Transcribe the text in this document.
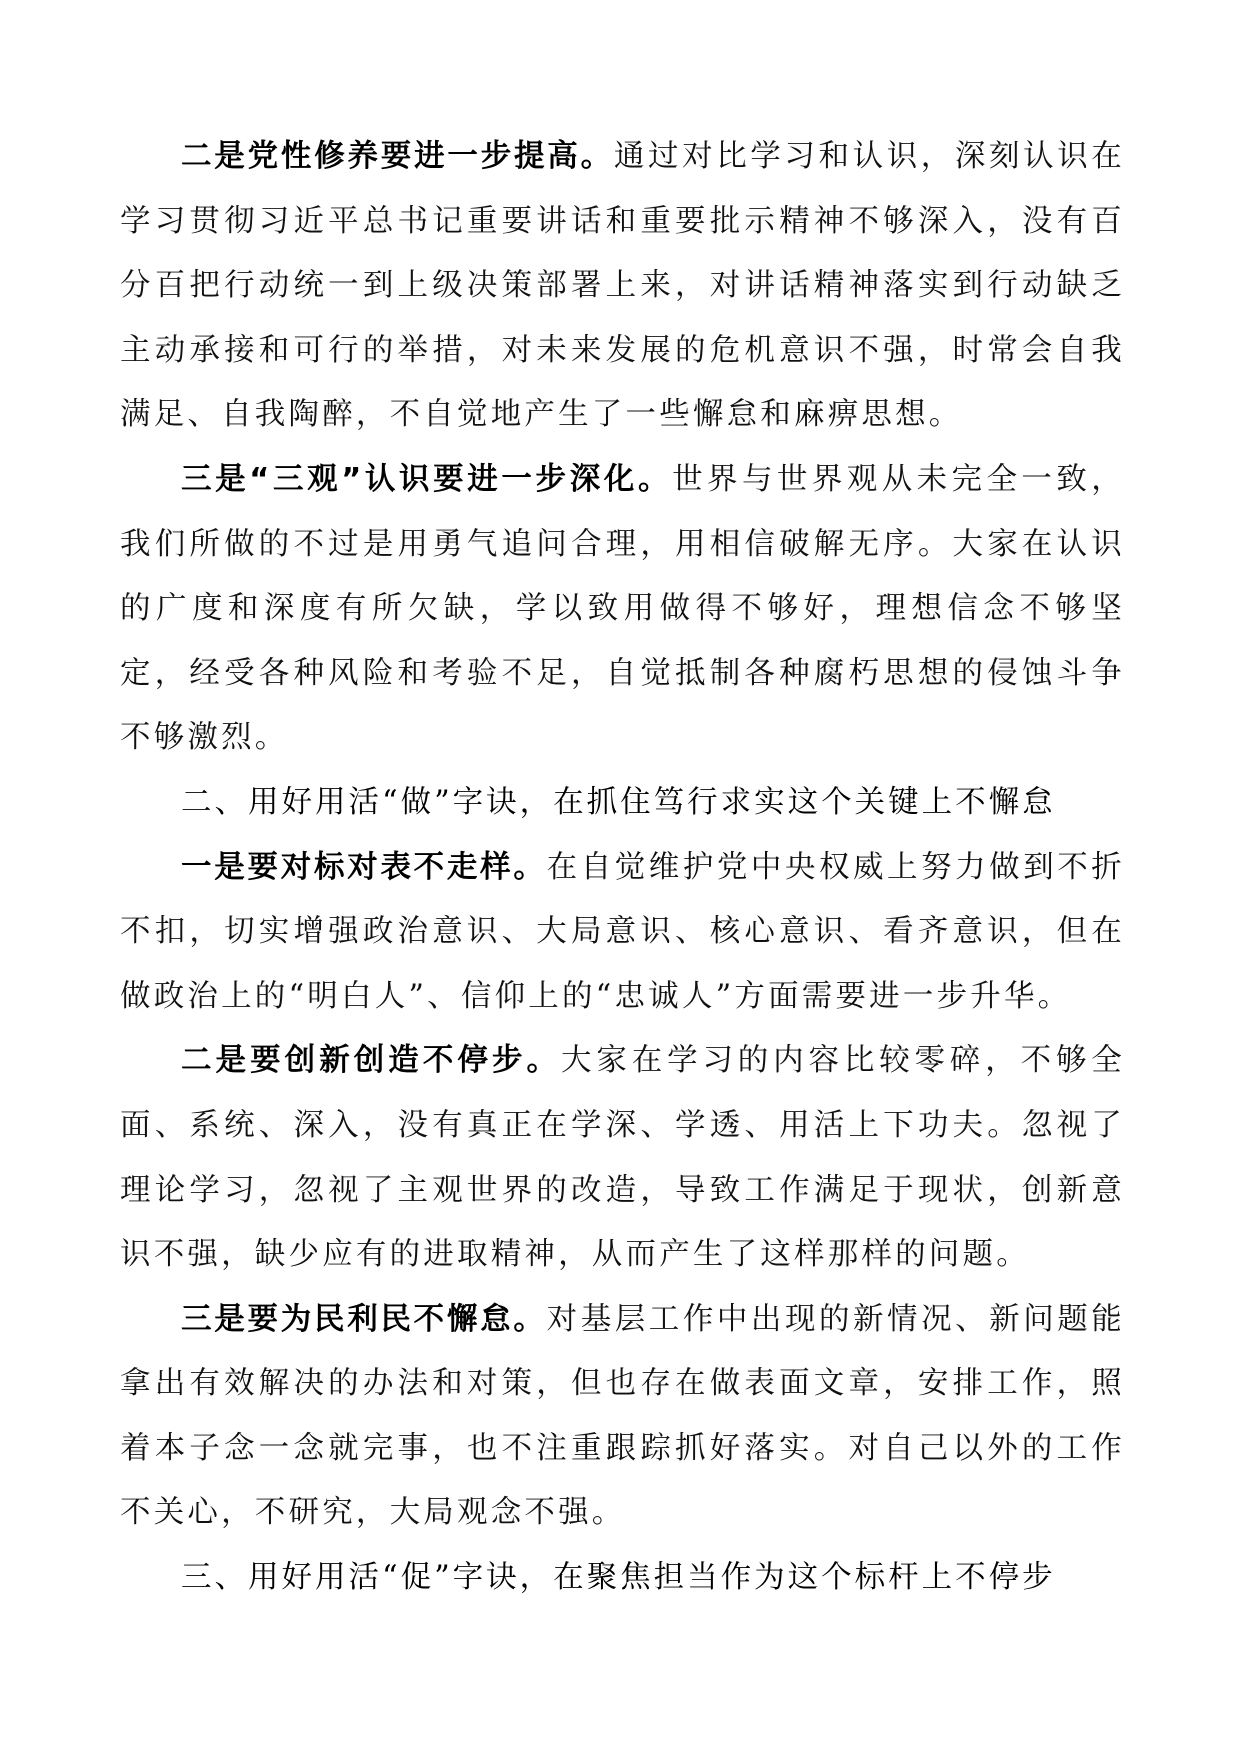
二是党性修养要进一步提高。通过对比学习和认识，深刻认识在学习贯彻习近平总书记重要讲话和重要批示精神不够深入，没有百分百把行动统一到上级决策部署上来，对讲话精神落实到行动缺乏主动承接和可行的举措，对未来发展的危机意识不强，时常会自我满足、自我陶醉，不自觉地产生了一些懈怠和麻痹思想。

三是“三观”认识要进一步深化。世界与世界观从未完全一致，我们所做的不过是用勇气追问合理，用相信破解无序。大家在认识的广度和深度有所欠缺，学以致用做得不够好，理想信念不够坚定，经受各种风险和考验不足，自觉抵制各种腐朽思想的侵蚀斗争不够激烈。

二、用好用活“做”字诀，在抓住笃行求实这个关键上不懈怠

一是要对标对表不走样。在自觉维护党中央权威上努力做到不折不扣，切实增强政治意识、大局意识、核心意识、看齐意识，但在做政治上的“明白人”、信仰上的“忠诚人”方面需要进一步升华。

二是要创新创造不停步。大家在学习的内容比较零碎，不够全面、系统、深入，没有真正在学深、学透、用活上下功夫。忽视了理论学习，忽视了主观世界的改造，导致工作满足于现状，创新意识不强，缺少应有的进取精神，从而产生了这样那样的问题。

三是要为民利民不懈怠。对基层工作中出现的新情况、新问题能拿出有效解决的办法和对策，但也存在做表面文章，安排工作，照着本子念一念就完事，也不注重跟踪抓好落实。对自己以外的工作不关心，不研究，大局观念不强。

三、用好用活“促”字诀，在聚焦担当作为这个标杆上不停步
